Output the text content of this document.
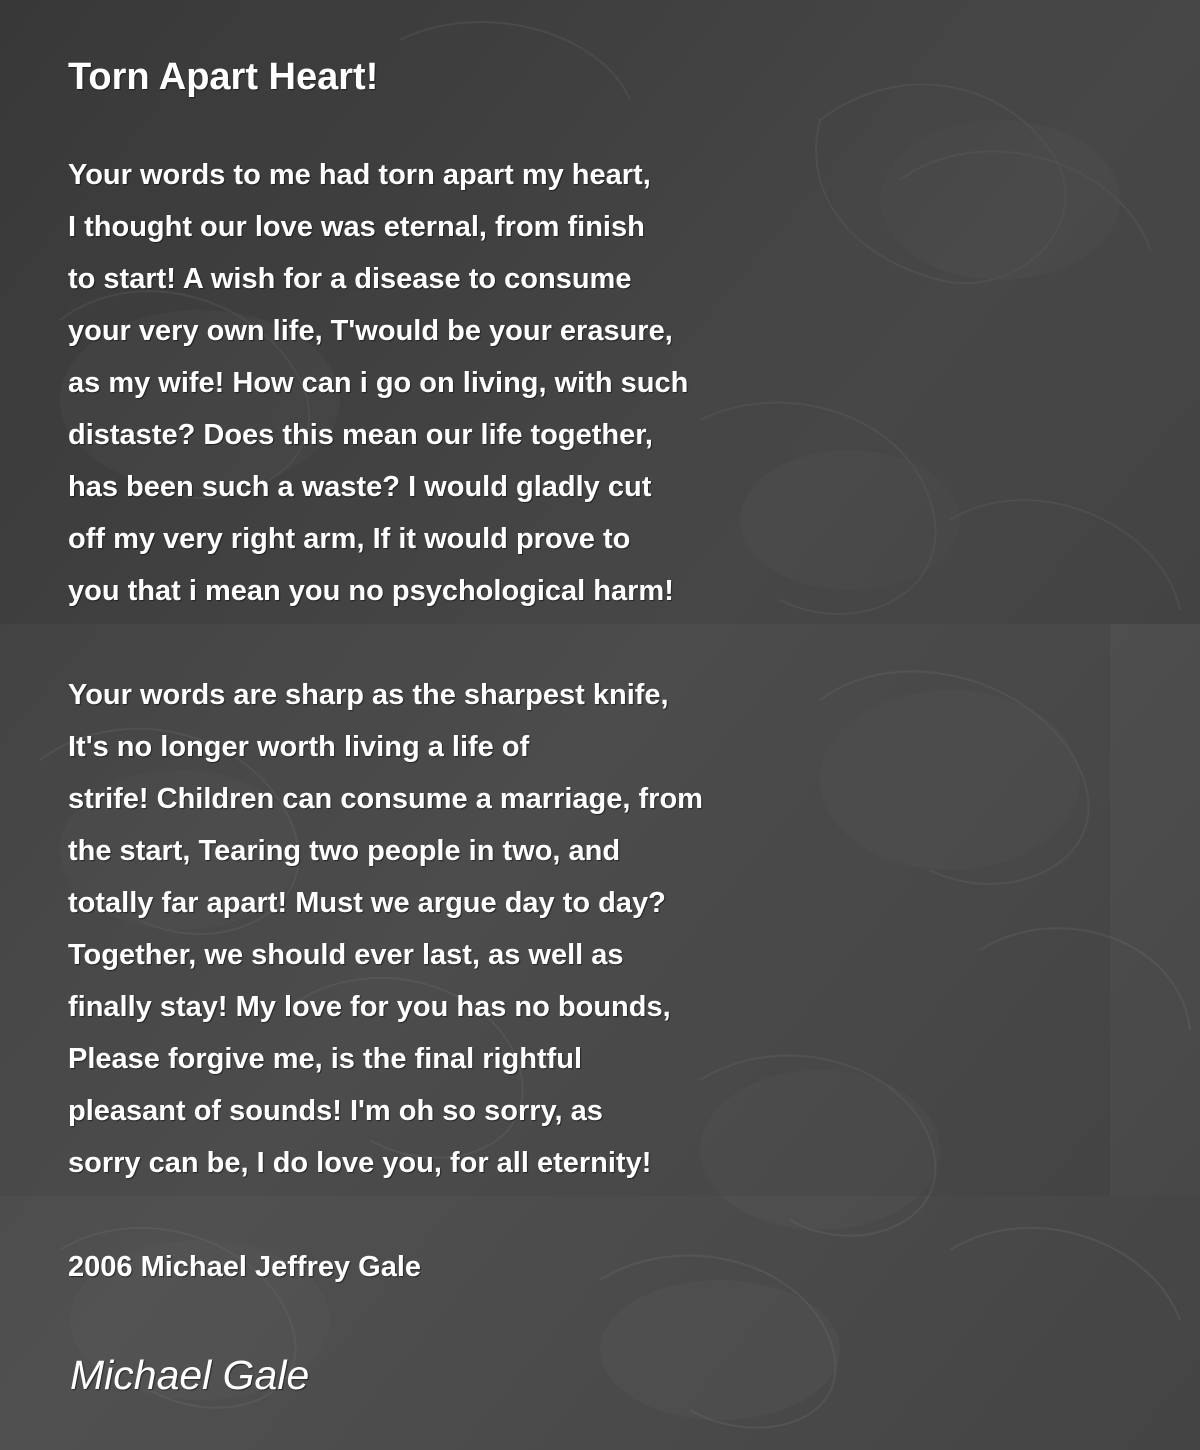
Torn Apart Heart!
Your words to me had torn apart my heart,
I thought our love was eternal, from finish
to start! A wish for a disease to consume
your very own life, T'would be your erasure,
as my wife! How can i go on living, with such
distaste? Does this mean our life together,
has been such a waste? I would gladly cut
off my very right arm, If it would prove to
you that i mean you no psychological harm!
Your words are sharp as the sharpest knife,
It's no longer worth living a life of
strife! Children can consume a marriage, from
the start, Tearing two people in two, and
totally far apart! Must we argue day to day?
Together, we should ever last, as well as
finally stay! My love for you has no bounds,
Please forgive me, is the final rightful
pleasant of sounds! I'm oh so sorry, as
sorry can be, I do love you, for all eternity!
2006 Michael Jeffrey Gale
Michael Gale
